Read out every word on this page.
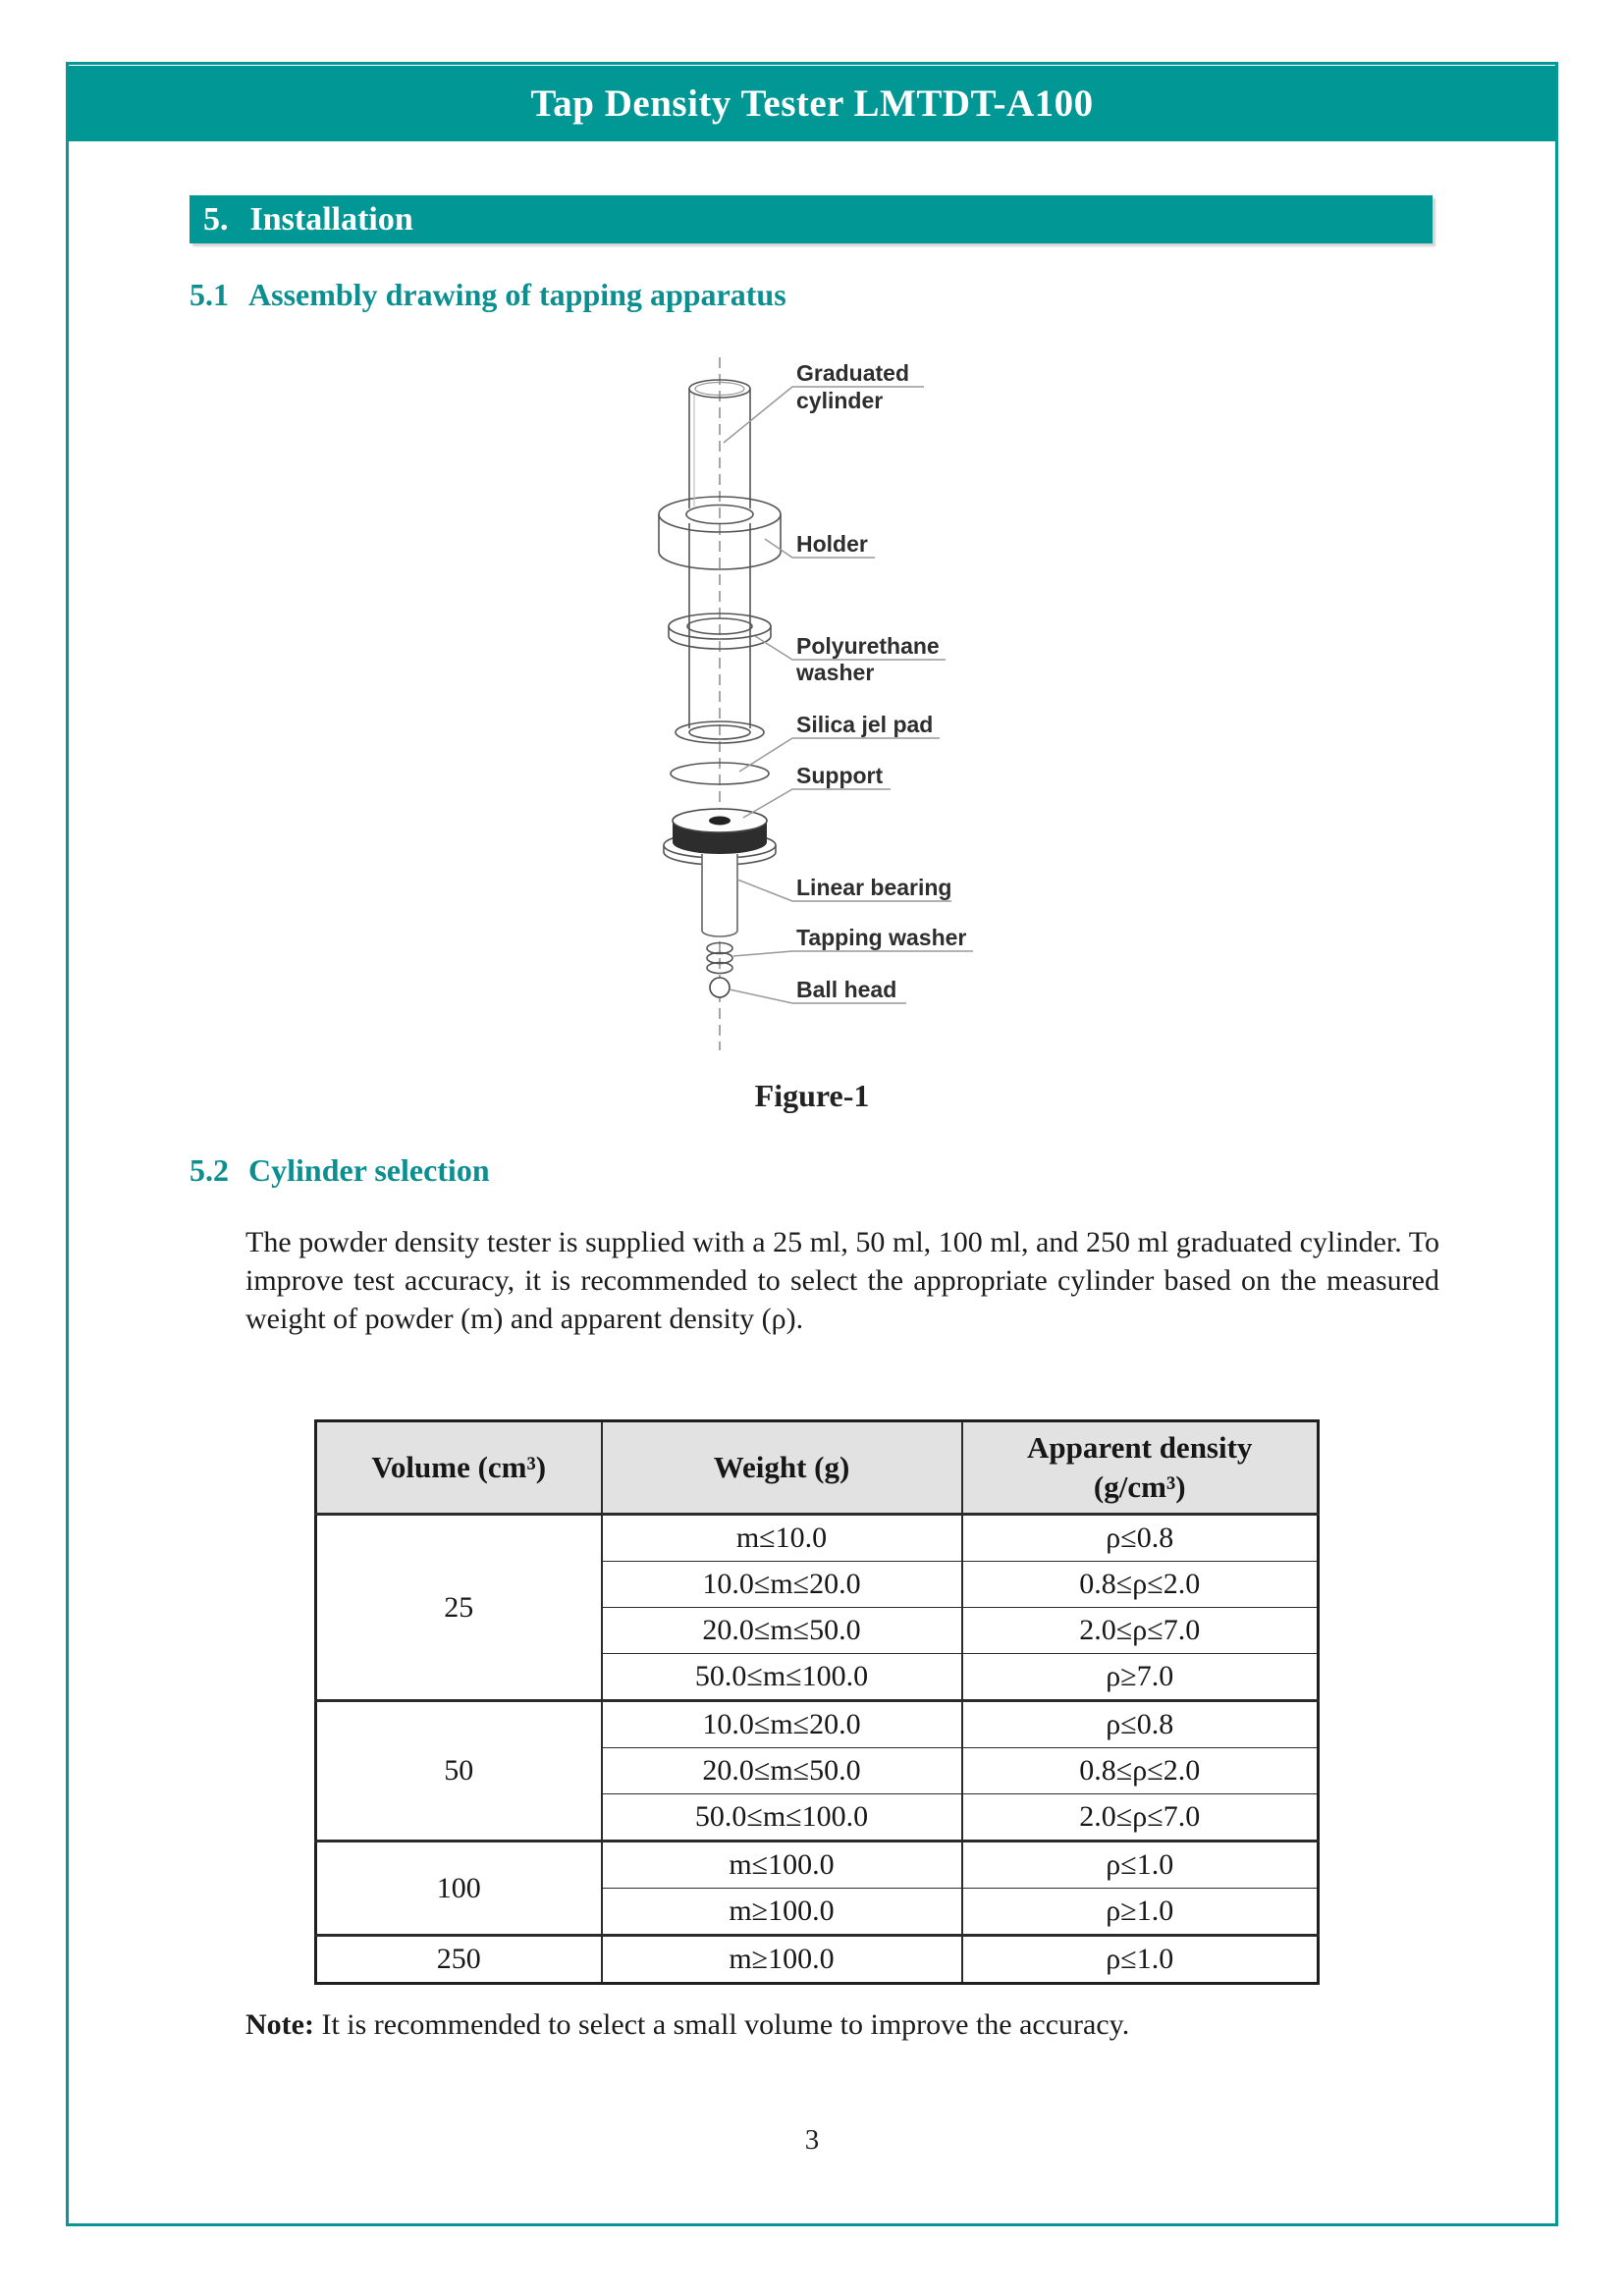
Tap Density Tester LMTDT-A100
5. Installation
5.1 Assembly drawing of tapping apparatus
Graduated
cylinder
Holder
Polyurethane
washer
Silica jel pad
Support
Linear bearing
Tapping washer
Ball head
Figure-1
5.2 Cylinder selection
The powder density tester is supplied with a 25 ml, 50 ml, 100 ml, and 250 ml graduated cylinder. To improve test accuracy, it is recommended to select the appropriate cylinder based on the measured weight of powder (m) and apparent density (ρ).
Volume (cm³)	Weight (g)	Apparent density (g/cm³)
25	m≤10.0	ρ≤0.8
	10.0≤m≤20.0	0.8≤ρ≤2.0
	20.0≤m≤50.0	2.0≤ρ≤7.0
	50.0≤m≤100.0	ρ≥7.0
50	10.0≤m≤20.0	ρ≤0.8
	20.0≤m≤50.0	0.8≤ρ≤2.0
	50.0≤m≤100.0	2.0≤ρ≤7.0
100	m≤100.0	ρ≤1.0
	m≥100.0	ρ≥1.0
250	m≥100.0	ρ≤1.0
Note: It is recommended to select a small volume to improve the accuracy.
3
